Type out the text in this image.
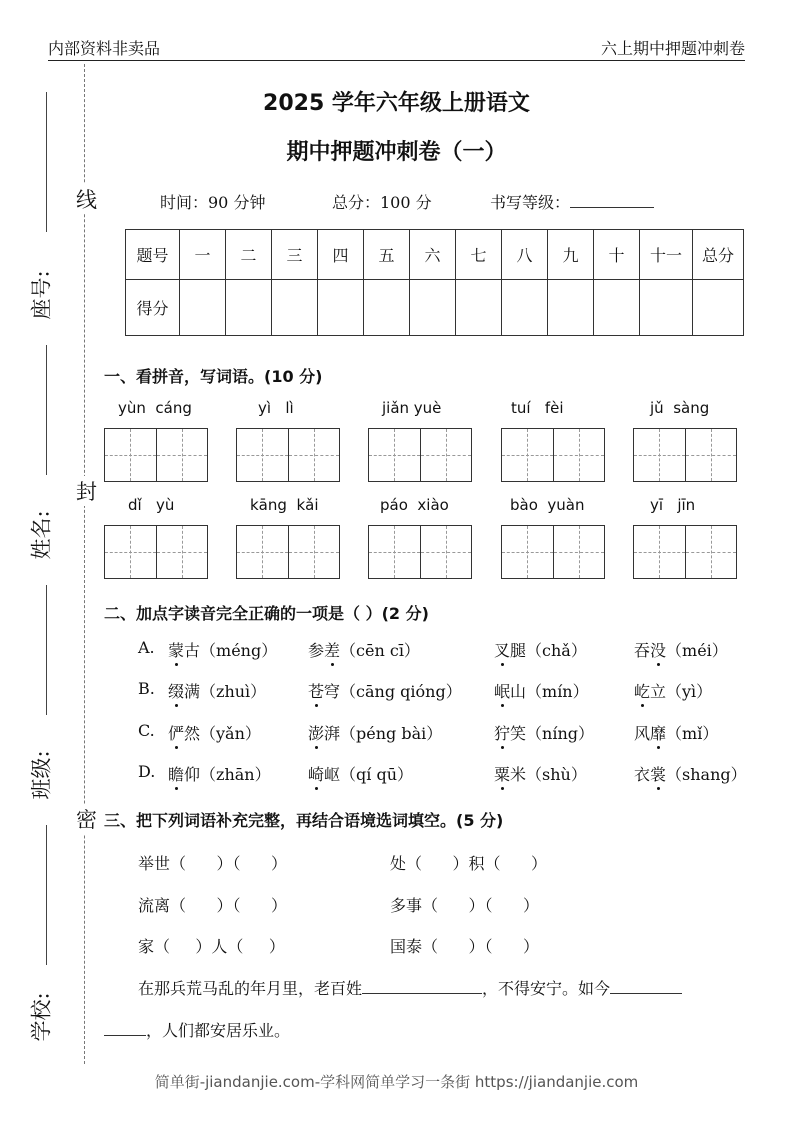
内部资料非卖品	六上期中押题冲刺卷
座号:
姓名:
班级:
学校:
线
封
密
2025 学年六年级上册语文
期中押题冲刺卷（一）
时间：90 分钟	总分：100 分	书写等级：
题号	一	二	三	四	五	六	七	八	九	十	十一	总分
得分												
一、看拼音，写词语。(10 分)
yùn  cáng	yì   lì	jiǎn yuè	tuí   fèi	jǔ  sàng
dǐ   yù	kāng  kǎi	páo  xiào	bào  yuàn	yī   jīn
二、加点字读音完全正确的一项是（ ）(2 分)
A. 蒙古（méng） 参差（cēn cī）	叉腿（chǎ）	吞没（méi）
B. 缀满（zhuì）	苍穹（cāng qióng） 岷山（mín）	屹立（yì）
C. 俨然（yǎn）	澎湃（péng bài）	狞笑（níng）	风靡（mǐ）
D. 瞻仰（zhān） 崎岖（qí qū）	粟米（shù）	衣裳（shang）
三、把下列词语补充完整，再结合语境选词填空。(5 分)
举世（      ）（      ）	处（      ）积（      ）
流离（      ）（      ）	多事（      ）（      ）
家（     ）人（     ）	国泰（      ）（      ）
在那兵荒马乱的年月里，老百姓	，不得安宁。如今
，人们都安居乐业。
简单街-jiandanjie.com-学科网简单学习一条街 https://jiandanjie.com
